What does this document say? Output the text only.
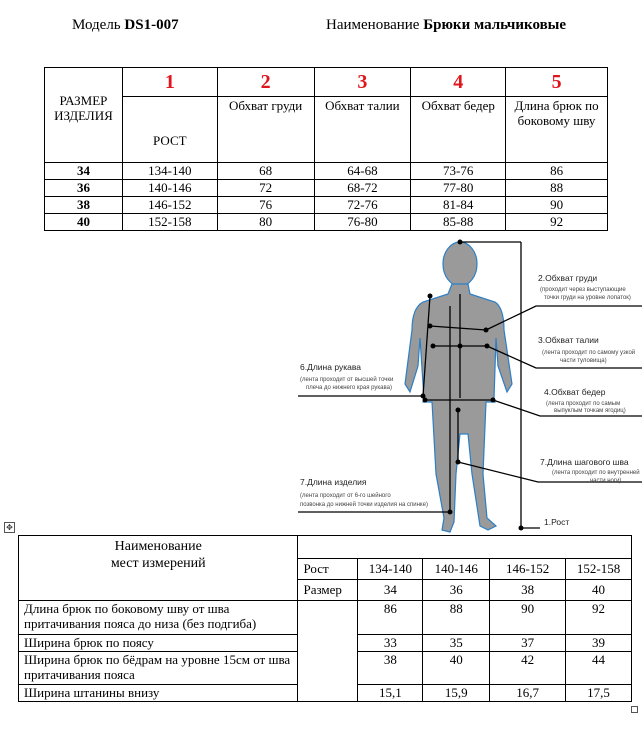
Модель DS1-007	Наименование Брюки мальчиковые
РАЗМЕР ИЗДЕЛИЯ	1	2	3	4	5
	РОСТ	Обхват груди	Обхват талии	Обхват бедер	Длина брюк по боковому шву
34	134-140	68	64-68	73-76	86
36	140-146	72	68-72	77-80	88
38	146-152	76	72-76	81-84	90
40	152-158	80	76-80	85-88	92
2.Обхват груди
(проходит через выступающие
точки груди на уровне лопаток)
3.Обхват талии
(лента проходит по самому узкой
части туловища)
6.Длина рукава
(лента проходит от высшей точки
плеча до нижнего края рукава)	4.Обхват бедер
(лента проходит по самым
выпуклым точкам ягодиц)
7.Длина шагового шва
(лента проходит по внутренней
части ноги)
7.Длина изделия
(лента проходит от 6-го шейного
позвонка до нижней точки изделия на спинке)
1.Рост
✥
Наименование
мест измерений					

	Рост	134-140	140-146	146-152	152-158
	Размер	34	36	38	40
Длина брюк по боковому шву от шва притачивания пояса до низа (без подгиба)		86	88	90	92
Ширина брюк по поясу		33	35	37	39
Ширина брюк по бёдрам на уровне 15см от шва притачивания пояса		38	40	42	44
Ширина штанины внизу		15,1	15,9	16,7	17,5
